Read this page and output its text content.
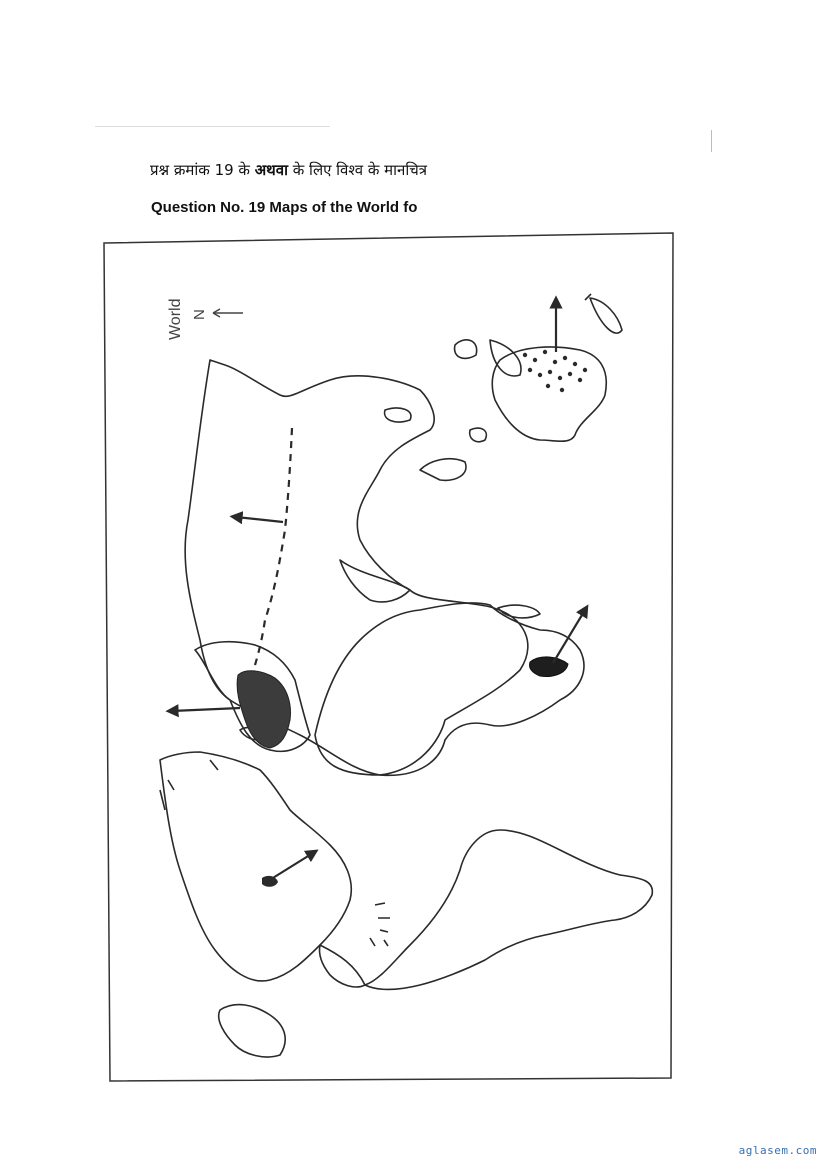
प्रश्न क्रमांक 19 के अथवा के लिए विश्व के मानचित्र
Question No. 19 Maps of the World fo
World N
aglasem.com
